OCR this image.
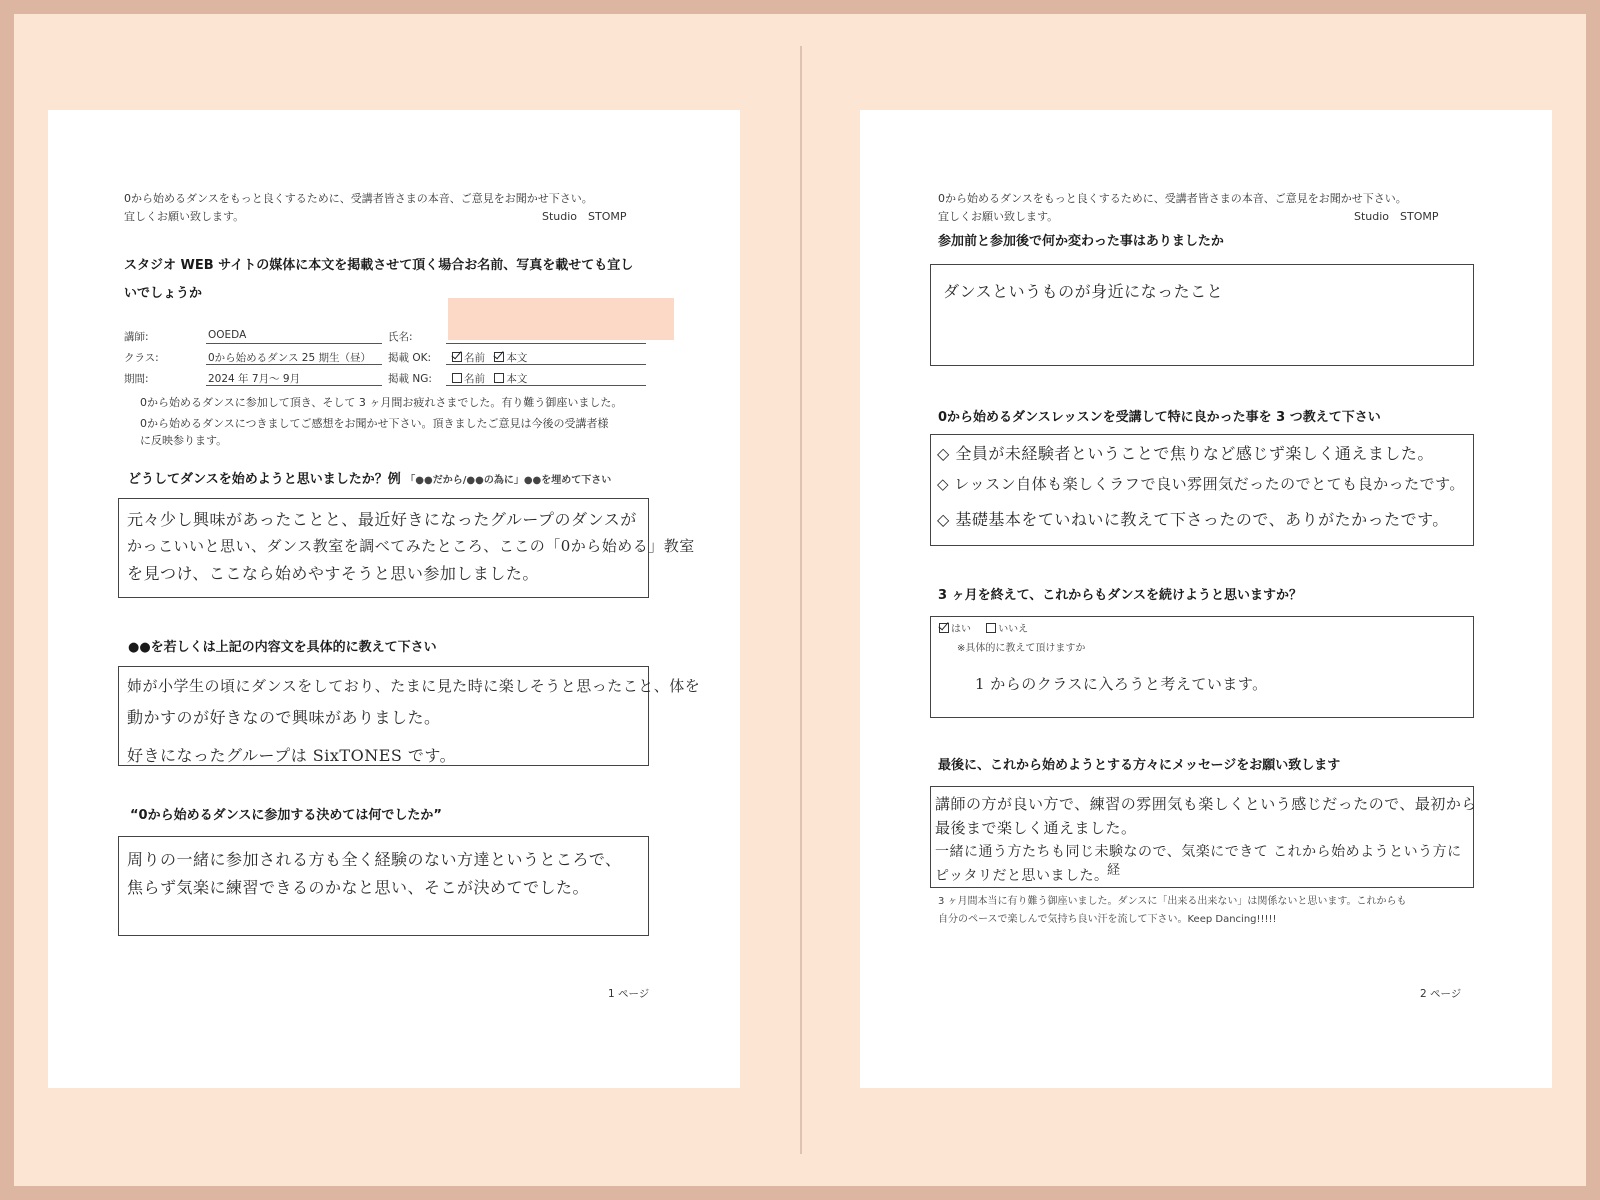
0から始めるダンスをもっと良くするために、受講者皆さまの本音、ご意見をお聞かせ下さい。
宜しくお願い致します。	Studio　STOMP
スタジオ WEB サイトの媒体に本文を掲載させて頂く場合お名前、写真を載せても宜しいでしょうか
講師:	OOEDA	氏名:
クラス:	0から始めるダンス 25 期生（昼） 掲載 OK:	名前 本文
期間:	2024 年 7月～ 9月	掲載 NG:	名前 本文
0から始めるダンスに参加して頂き、そして 3 ヶ月間お疲れさまでした。有り難う御座いました。
0から始めるダンスにつきましてご感想をお聞かせ下さい。頂きましたご意見は今後の受講者様
に反映参ります。
どうしてダンスを始めようと思いましたか？例 「●●だから/●●の為に」●●を埋めて下さい
元々少し興味があったことと、最近好きになったグループのダンスが
かっこいいと思い、ダンス教室を調べてみたところ、ここの「0から始める」教室
を見つけ、ここなら始めやすそうと思い参加しました。
●●を若しくは上記の内容文を具体的に教えて下さい
姉が小学生の頃にダンスをしており、たまに見た時に楽しそうと思ったこと、体を
動かすのが好きなので興味がありました。
好きになったグループは SixTONES です。
“0から始めるダンスに参加する決めては何でしたか”
周りの一緒に参加される方も全く経験のない方達というところで、
焦らず気楽に練習できるのかなと思い、そこが決めてでした。
1 ページ
0から始めるダンスをもっと良くするために、受講者皆さまの本音、ご意見をお聞かせ下さい。
宜しくお願い致します。	Studio　STOMP
参加前と参加後で何か変わった事はありましたか
ダンスというものが身近になったこと
0から始めるダンスレッスンを受講して特に良かった事を 3 つ教えて下さい
◇ 全員が未経験者ということで焦りなど感じず楽しく通えました。
◇ レッスン自体も楽しくラフで良い雰囲気だったのでとても良かったです。
◇ 基礎基本をていねいに教えて下さったので、ありがたかったです。
3 ヶ月を終えて、これからもダンスを続けようと思いますか？
はい	いいえ
※具体的に教えて頂けますか
1 からのクラスに入ろうと考えています。
最後に、これから始めようとする方々にメッセージをお願い致します
講師の方が良い方で、練習の雰囲気も楽しくという感じだったので、最初から
最後まで楽しく通えました。
一緒に通う方たちも同じ未験なので、気楽にできて これから始めようという方に
ピッタリだと思いました。
経
3 ヶ月間本当に有り難う御座いました。ダンスに「出来る出来ない」は関係ないと思います。これからも
自分のペースで楽しんで気持ち良い汗を流して下さい。Keep Dancing!!!!!
2 ページ
